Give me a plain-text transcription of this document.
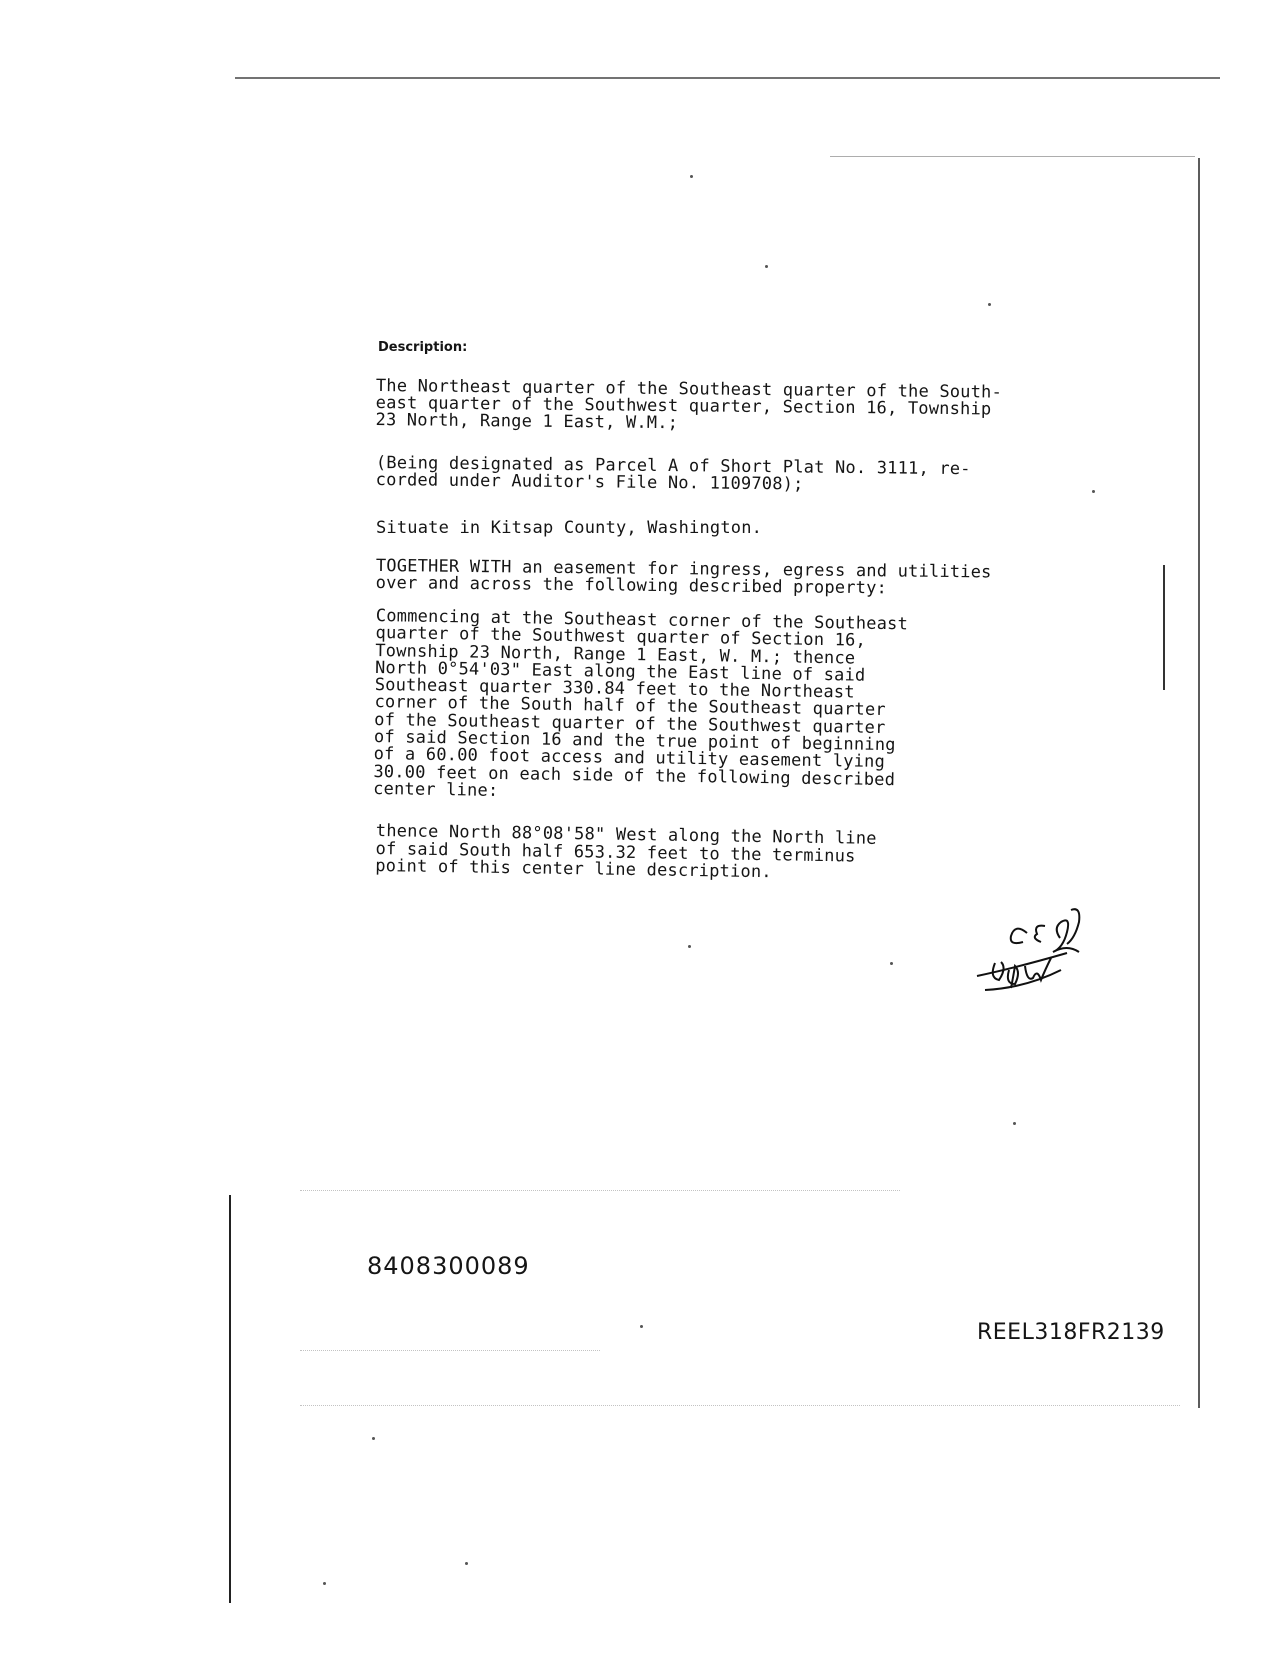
Description:
The Northeast quarter of the Southeast quarter of the South-
east quarter of the Southwest quarter, Section 16, Township
23 North, Range 1 East, W.M.;
(Being designated as Parcel A of Short Plat No. 3111, re-
corded under Auditor's File No. 1109708);
Situate in Kitsap County, Washington.
TOGETHER WITH an easement for ingress, egress and utilities
over and across the following described property:
Commencing at the Southeast corner of the Southeast
quarter of the Southwest quarter of Section 16,
Township 23 North, Range 1 East, W. M.; thence
North 0°54'03" East along the East line of said
Southeast quarter 330.84 feet to the Northeast
corner of the South half of the Southeast quarter
of the Southeast quarter of the Southwest quarter
of said Section 16 and the true point of beginning
of a 60.00 foot access and utility easement lying
30.00 feet on each side of the following described
center line:
thence North 88°08'58" West along the North line
of said South half 653.32 feet to the terminus
point of this center line description.
8408300089
REEL318FR2139
